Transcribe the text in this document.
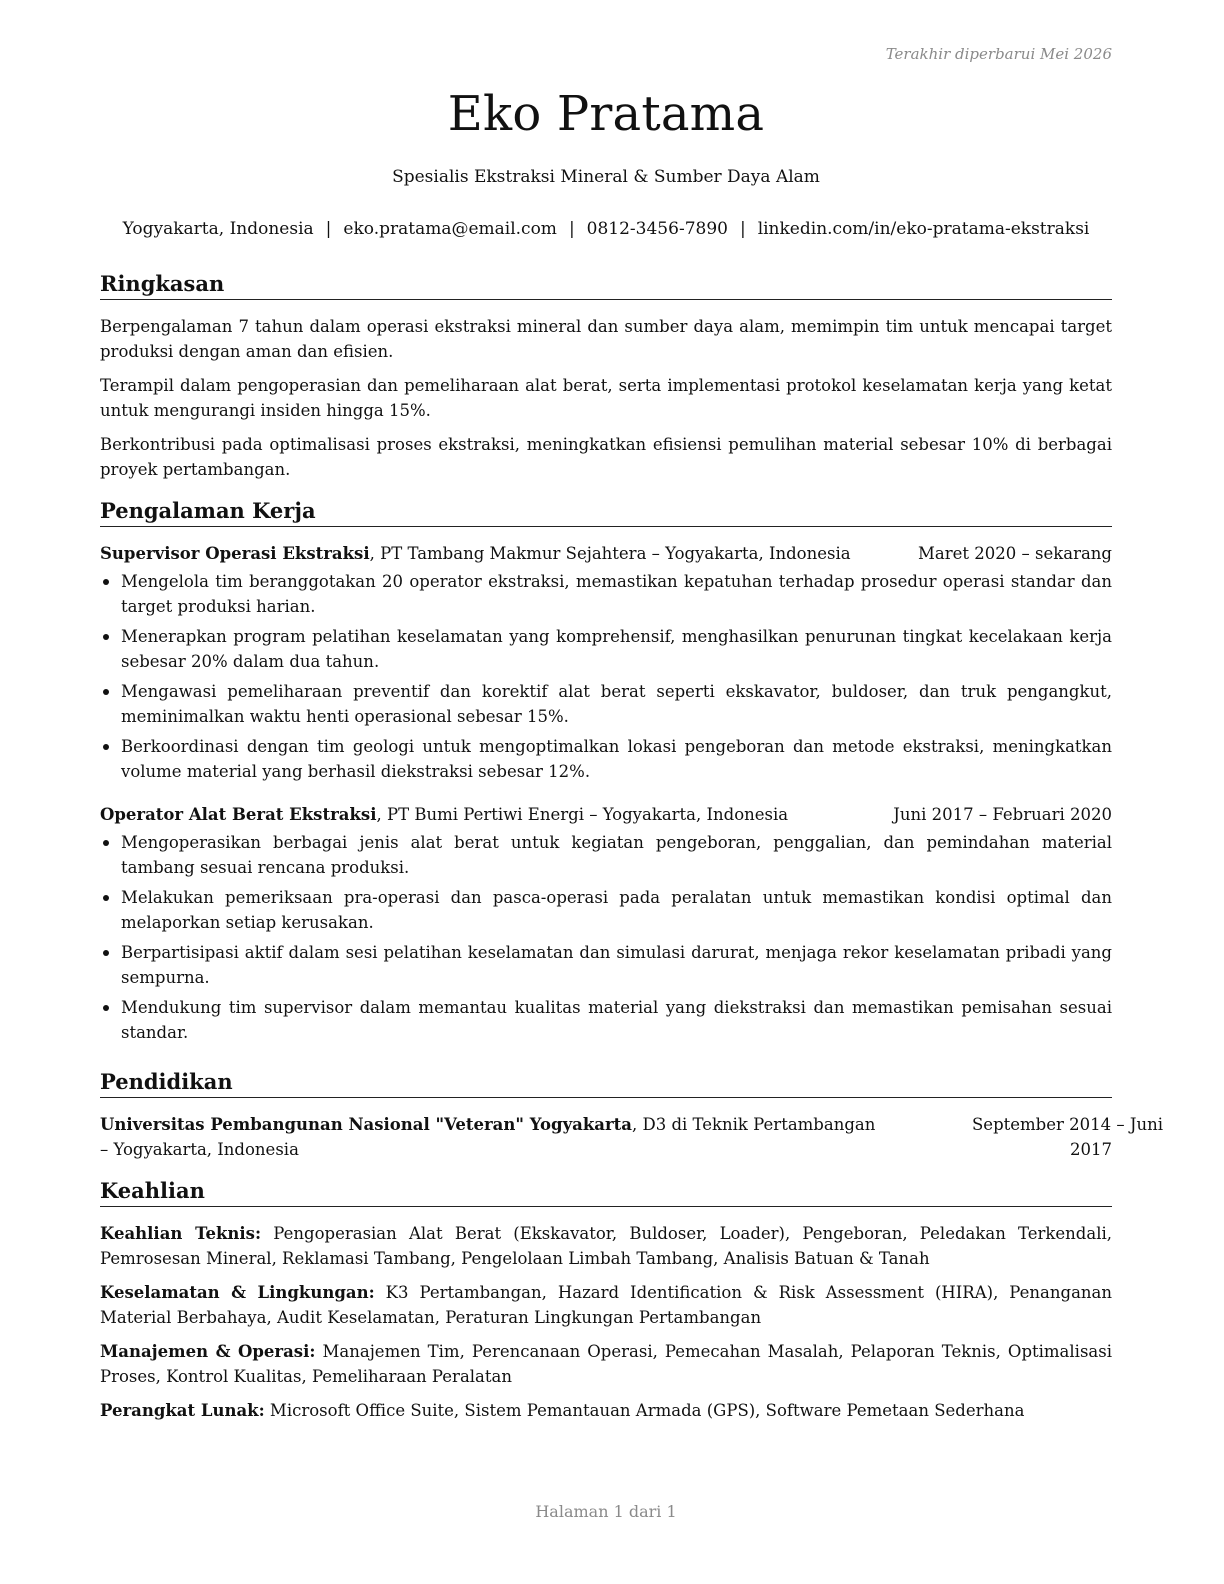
Terakhir diperbarui Mei 2026
Eko Pratama
Spesialis Ekstraksi Mineral & Sumber Daya Alam
Yogyakarta, Indonesia | eko.pratama@email.com | 0812-3456-7890 | linkedin.com/in/eko-pratama-ekstraksi
Ringkasan

Berpengalaman 7 tahun dalam operasi ekstraksi mineral dan sumber daya alam, memimpin tim untuk mencapai target produksi dengan aman dan efisien.

Terampil dalam pengoperasian dan pemeliharaan alat berat, serta implementasi protokol keselamatan kerja yang ketat untuk mengurangi insiden hingga 15%.

Berkontribusi pada optimalisasi proses ekstraksi, meningkatkan efisiensi pemulihan material sebesar 10% di berbagai proyek pertambangan.

Pengalaman Kerja
Supervisor Operasi Ekstraksi, PT Tambang Makmur Sejahtera – Yogyakarta, Indonesia	Maret 2020 – sekarang
Mengelola tim beranggotakan 20 operator ekstraksi, memastikan kepatuhan terhadap prosedur operasi standar dan target produksi harian.
Menerapkan program pelatihan keselamatan yang komprehensif, menghasilkan penurunan tingkat kecelakaan kerja sebesar 20% dalam dua tahun.
Mengawasi pemeliharaan preventif dan korektif alat berat seperti ekskavator, buldoser, dan truk pengangkut, meminimalkan waktu henti operasional sebesar 15%.
Berkoordinasi dengan tim geologi untuk mengoptimalkan lokasi pengeboran dan metode ekstraksi, meningkatkan volume material yang berhasil diekstraksi sebesar 12%.
Operator Alat Berat Ekstraksi, PT Bumi Pertiwi Energi – Yogyakarta, Indonesia	Juni 2017 – Februari 2020
Mengoperasikan berbagai jenis alat berat untuk kegiatan pengeboran, penggalian, dan pemindahan material tambang sesuai rencana produksi.
Melakukan pemeriksaan pra-operasi dan pasca-operasi pada peralatan untuk memastikan kondisi optimal dan melaporkan setiap kerusakan.
Berpartisipasi aktif dalam sesi pelatihan keselamatan dan simulasi darurat, menjaga rekor keselamatan pribadi yang sempurna.
Mendukung tim supervisor dalam memantau kualitas material yang diekstraksi dan memastikan pemisahan sesuai standar.
Pendidikan
Universitas Pembangunan Nasional "Veteran" Yogyakarta, D3 di Teknik Pertambangan
– Yogyakarta, Indonesia
September 2014 – Juni
2017
Keahlian

Keahlian Teknis: Pengoperasian Alat Berat (Ekskavator, Buldoser, Loader), Pengeboran, Peledakan Terkendali, Pemrosesan Mineral, Reklamasi Tambang, Pengelolaan Limbah Tambang, Analisis Batuan & Tanah

Keselamatan & Lingkungan: K3 Pertambangan, Hazard Identification & Risk Assessment (HIRA), Penanganan Material Berbahaya, Audit Keselamatan, Peraturan Lingkungan Pertambangan

Manajemen & Operasi: Manajemen Tim, Perencanaan Operasi, Pemecahan Masalah, Pelaporan Teknis, Optimalisasi Proses, Kontrol Kualitas, Pemeliharaan Peralatan

Perangkat Lunak: Microsoft Office Suite, Sistem Pemantauan Armada (GPS), Software Pemetaan Sederhana

Halaman 1 dari 1
